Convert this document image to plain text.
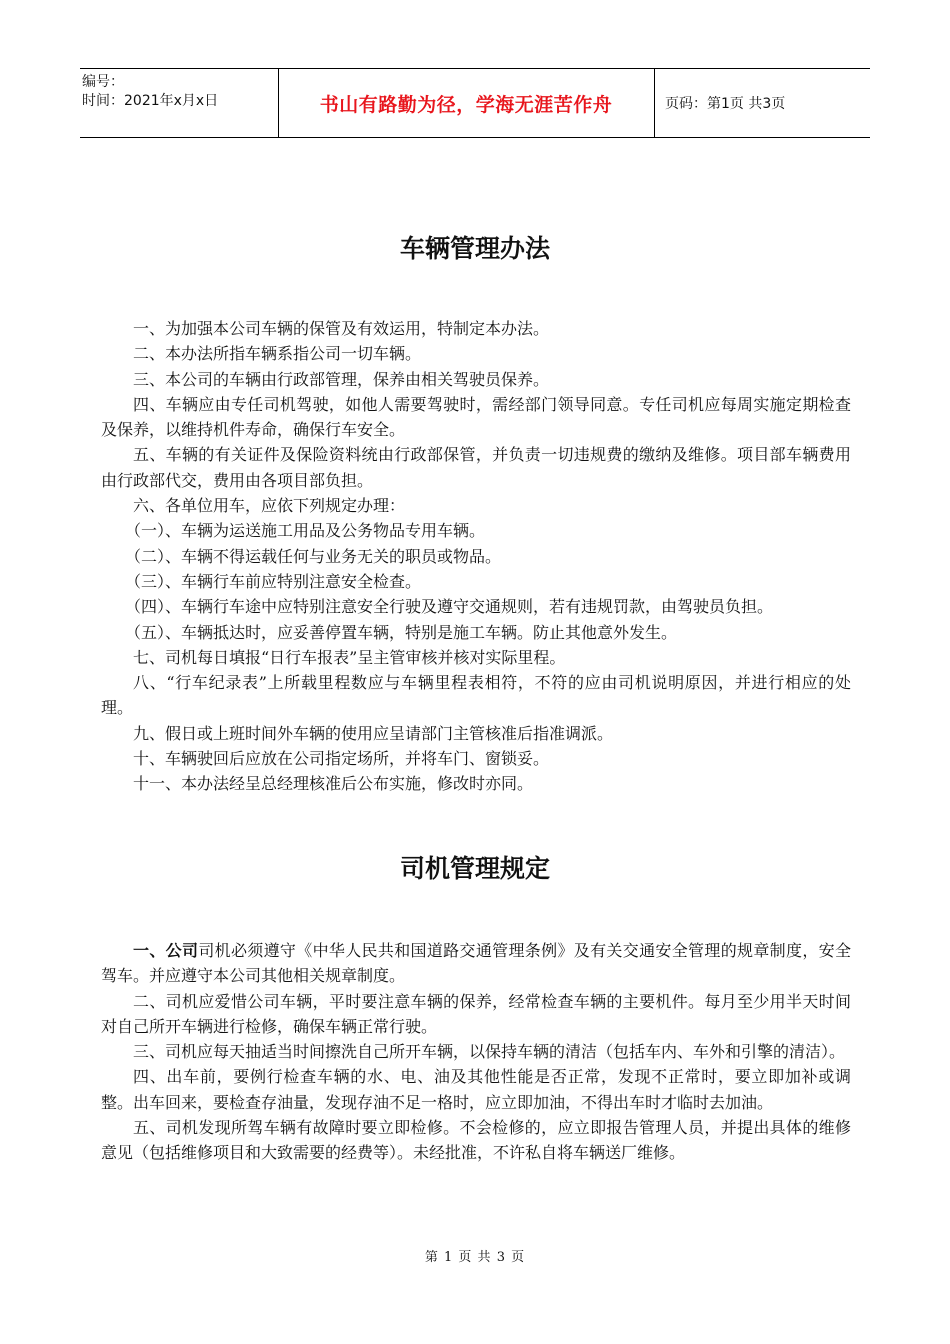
编号：
时间：2021年x月x日	书山有路勤为径，学海无涯苦作舟	页码：第1页 共3页
车辆管理办法

一、为加强本公司车辆的保管及有效运用，特制定本办法。

二、本办法所指车辆系指公司一切车辆。

三、本公司的车辆由行政部管理，保养由相关驾驶员保养。

四、车辆应由专任司机驾驶，如他人需要驾驶时，需经部门领导同意。专任司机应每周实施定期检查及保养，以维持机件寿命，确保行车安全。

五、车辆的有关证件及保险资料统由行政部保管，并负责一切违规费的缴纳及维修。项目部车辆费用由行政部代交，费用由各项目部负担。

六、各单位用车，应依下列规定办理：

（一）、车辆为运送施工用品及公务物品专用车辆。

（二）、车辆不得运载任何与业务无关的职员或物品。

（三）、车辆行车前应特别注意安全检查。

（四）、车辆行车途中应特别注意安全行驶及遵守交通规则，若有违规罚款，由驾驶员负担。

（五）、车辆抵达时，应妥善停置车辆，特别是施工车辆。防止其他意外发生。

七、司机每日填报“日行车报表”呈主管审核并核对实际里程。

八、“行车纪录表”上所载里程数应与车辆里程表相符，不符的应由司机说明原因，并进行相应的处理。

九、假日或上班时间外车辆的使用应呈请部门主管核准后指准调派。

十、车辆驶回后应放在公司指定场所，并将车门、窗锁妥。

十一、本办法经呈总经理核准后公布实施，修改时亦同。

司机管理规定

一、公司司机必须遵守《中华人民共和国道路交通管理条例》及有关交通安全管理的规章制度，安全驾车。并应遵守本公司其他相关规章制度。

二、司机应爱惜公司车辆，平时要注意车辆的保养，经常检查车辆的主要机件。每月至少用半天时间对自己所开车辆进行检修，确保车辆正常行驶。

三、司机应每天抽适当时间擦洗自己所开车辆，以保持车辆的清洁（包括车内、车外和引擎的清洁）。

四、出车前，要例行检查车辆的水、电、油及其他性能是否正常，发现不正常时，要立即加补或调整。出车回来，要检查存油量，发现存油不足一格时，应立即加油，不得出车时才临时去加油。

五、司机发现所驾车辆有故障时要立即检修。不会检修的，应立即报告管理人员，并提出具体的维修意见（包括维修项目和大致需要的经费等）。未经批准，不许私自将车辆送厂维修。

第 1 页 共 3 页
